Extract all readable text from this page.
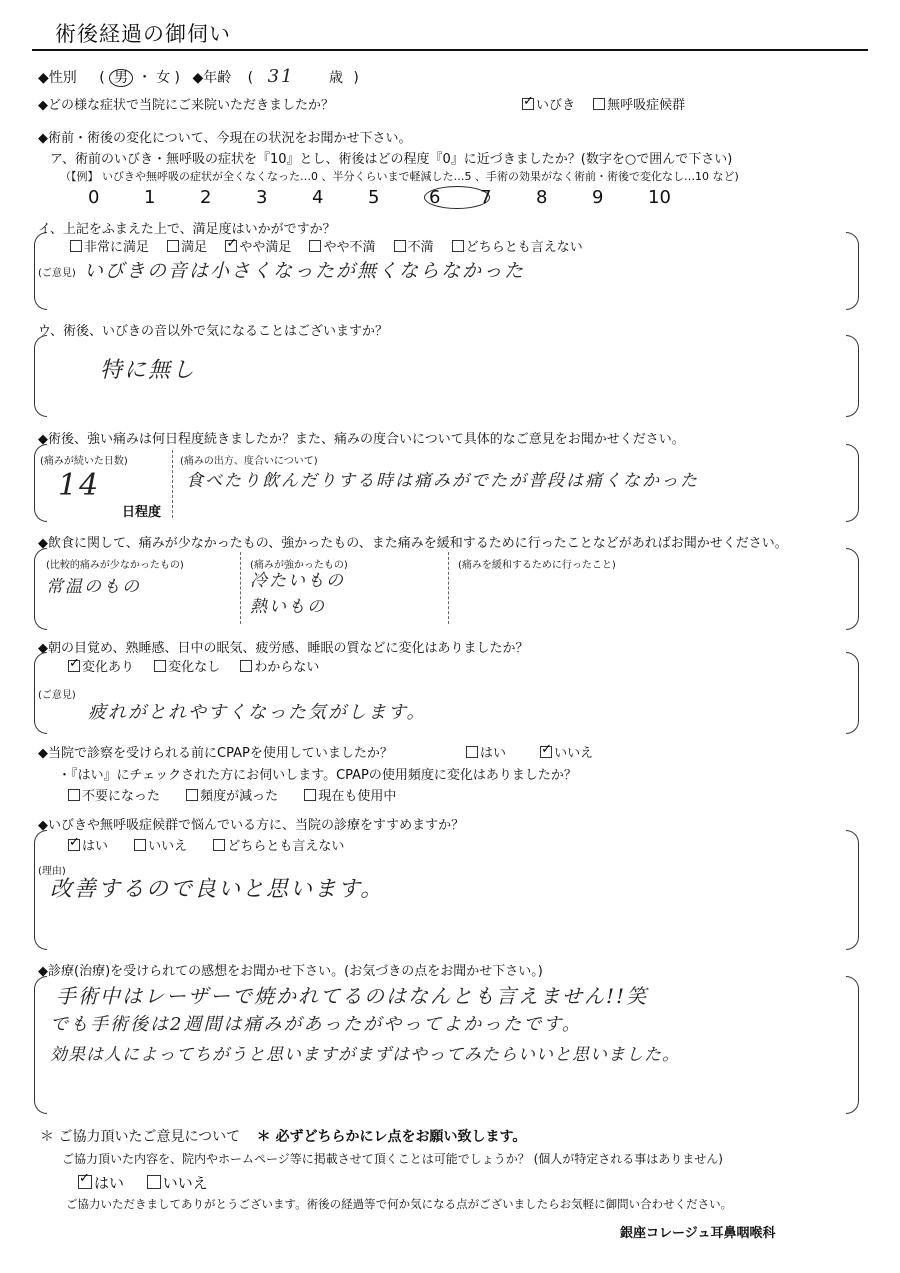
術後経過の御伺い
◆性別 ( 男 ・ 女 ) ◆年齢 ( 31 歳 )
◆どの様な症状で当院にご来院いただきましたか？ ✓	いびき 無呼吸症候群
◆術前・術後の変化について、今現在の状況をお聞かせ下さい。
ア、術前のいびき・無呼吸の症状を『10』とし、術後はどの程度『0』に近づきましたか？(数字を○で囲んで下さい)
（【例】 いびきや無呼吸の症状が全くなくなった…0 、半分くらいまで軽減した…5 、手術の効果がなく術前・術後で変化なし…10 など)
0 1 2 3 4 5	6 7 8 9 10
イ、上記をふまえた上で、満足度はいかがですか？
非常に満足 満足 ✓ やや満足 やや不満 不満 どちらとも言えない
(ご意見) いびきの音は小さくなったが無くならなかった
ウ、術後、いびきの音以外で気になることはございますか？
特に無し
◆術後、強い痛みは何日程度続きましたか？また、痛みの度合いについて具体的なご意見をお聞かせください。
(痛みが続いた日数)
14
日程度
(痛みの出方、度合いについて)
食べたり飲んだりする時は痛みがでたが普段は痛くなかった
◆飲食に関して、痛みが少なかったもの、強かったもの、また痛みを緩和するために行ったことなどがあればお聞かせください。
(比較的痛みが少なかったもの)
常温のもの
(痛みが強かったもの)
冷たいもの
熱いもの
(痛みを緩和するために行ったこと)
◆朝の目覚め、熟睡感、日中の眠気、疲労感、睡眠の質などに変化はありましたか？
✓変化あり	変化なし	わからない
(ご意見)
疲れがとれやすくなった気がします。
◆当院で診察を受けられる前にCPAPを使用していましたか？	はい ✓	いいえ
・『はい』にチェックされた方にお伺いします。CPAPの使用頻度に変化はありましたか？
不要になった	頻度が減った	現在も使用中
◆いびきや無呼吸症候群で悩んでいる方に、当院の診療をすすめますか？
✓はい	いいえ	どちらとも言えない
(理由)
改善するので良いと思います。
◆診療(治療)を受けられての感想をお聞かせ下さい。(お気づきの点をお聞かせ下さい。)
手術中はレーザーで焼かれてるのはなんとも言えません!!笑
でも手術後は2週間は痛みがあったがやってよかったです。
効果は人によってちがうと思いますがまずはやってみたらいいと思いました。
＊ ご協力頂いたご意見について ＊ 必ずどちらかにレ点をお願い致します。
ご協力頂いた内容を、院内やホームページ等に掲載させて頂くことは可能でしょうか？ (個人が特定される事はありません)
✓はい	いいえ
ご協力いただきましてありがとうございます。術後の経過等で何か気になる点がございましたらお気軽に御問い合わせください。
銀座コレージュ耳鼻咽喉科
